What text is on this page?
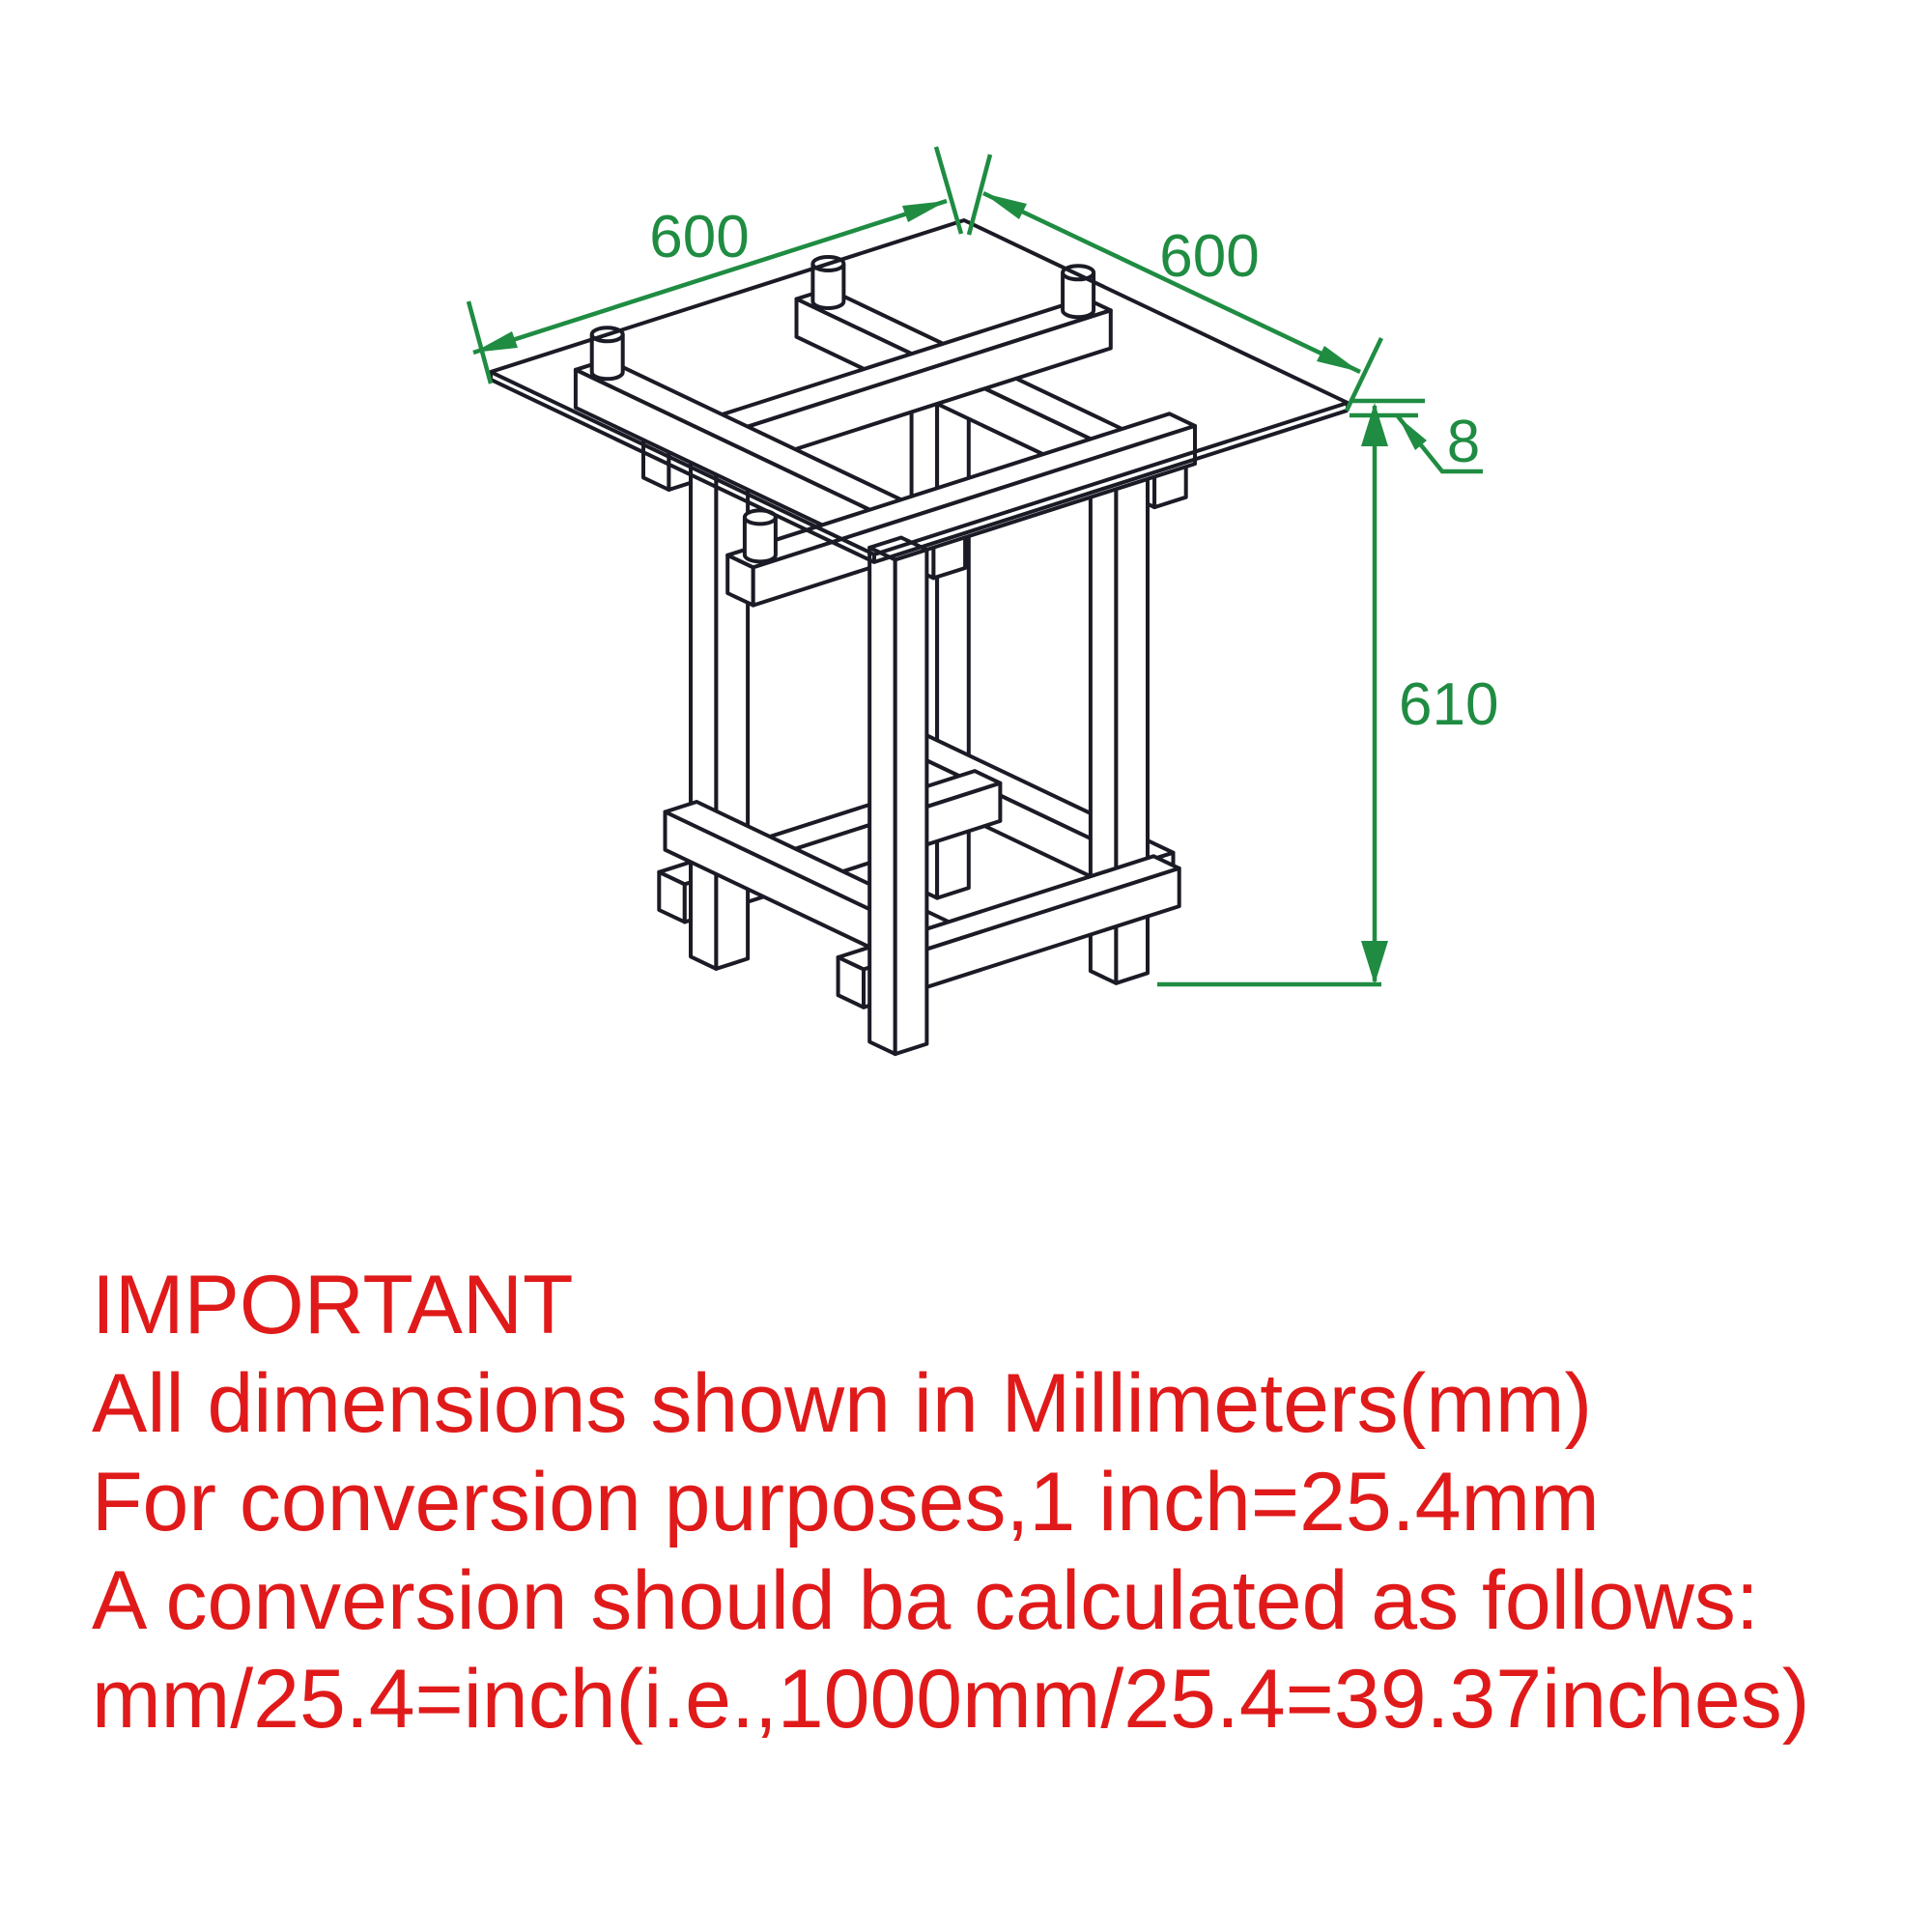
600	600
8
610
IMPORTANT
All dimensions shown in Millimeters(mm)
For conversion purposes,1 inch=25.4mm
A conversion should ba calculated as follows:
mm/25.4=inch(i.e.,1000mm/25.4=39.37inches)
